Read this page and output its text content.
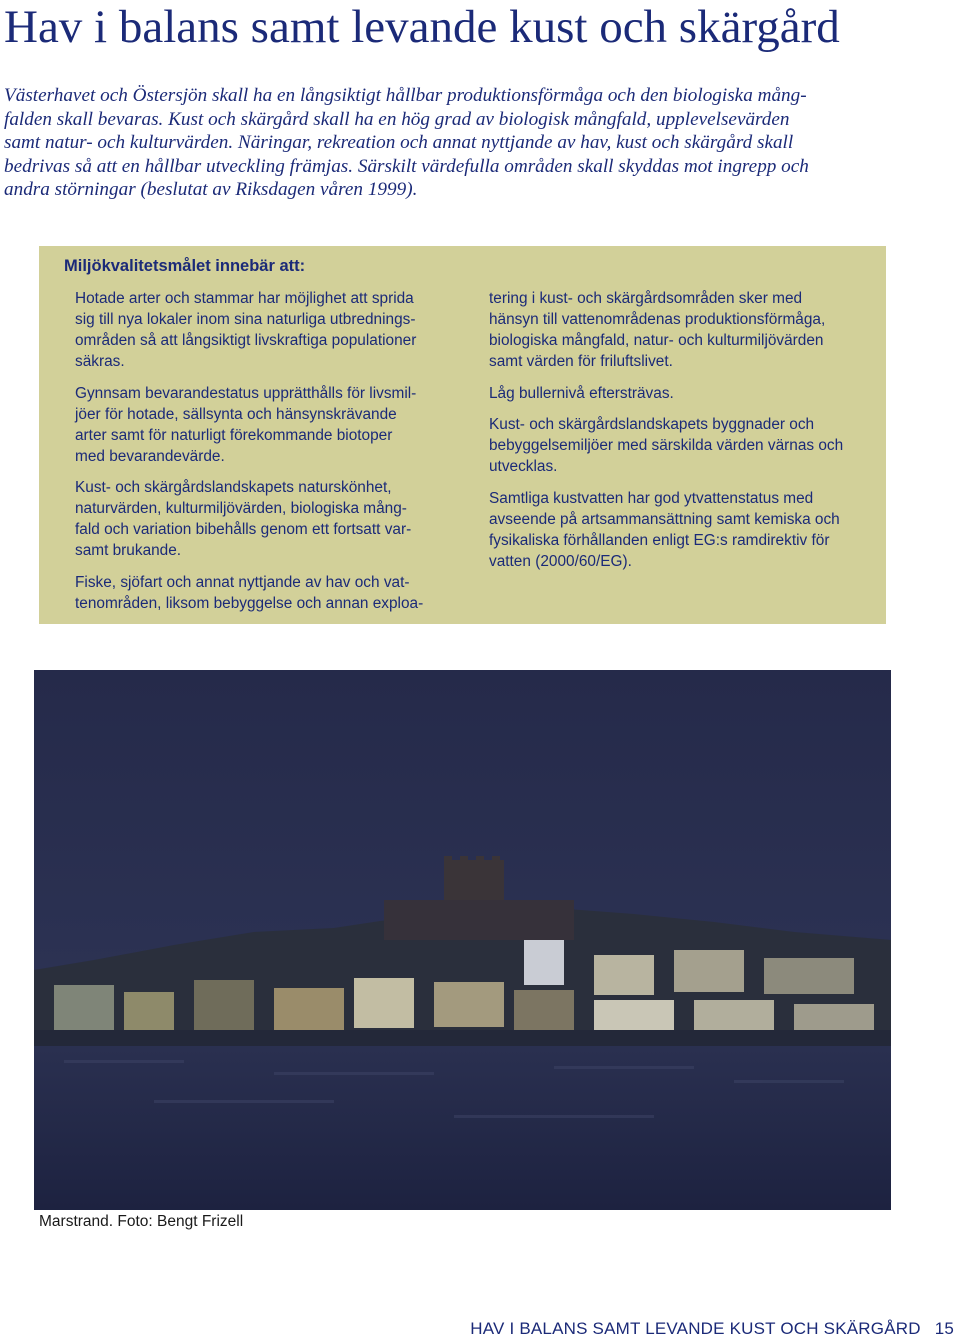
Hav i balans samt levande kust och skärgård

Västerhavet och Östersjön skall ha en långsiktigt hållbar produktionsförmåga och den biologiska mång-
falden skall bevaras. Kust och skärgård skall ha en hög grad av biologisk mångfald, upplevelsevärden
samt natur- och kulturvärden. Näringar, rekreation och annat nyttjande av hav, kust och skärgård skall
bedrivas så att en hållbar utveckling främjas. Särskilt värdefulla områden skall skyddas mot ingrepp och
andra störningar (beslutat av Riksdagen våren 1999).

Miljökvalitetsmålet innebär att:

Hotade arter och stammar har möjlighet att sprida
sig till nya lokaler inom sina naturliga utbrednings-
områden så att långsiktigt livskraftiga populationer
säkras.

Gynnsam bevarandestatus upprätthålls för livsmil-
jöer för hotade, sällsynta och hänsynskrävande
arter samt för naturligt förekommande biotoper
med bevarandevärde.

Kust- och skärgårdslandskapets naturskönhet,
naturvärden, kulturmiljövärden, biologiska mång-
fald och variation bibehålls genom ett fortsatt var-
samt brukande.

Fiske, sjöfart och annat nyttjande av hav och vat-
tenområden, liksom bebyggelse och annan exploa-

tering i kust- och skärgårdsområden sker med
hänsyn till vattenområdenas produktionsförmåga,
biologiska mångfald, natur- och kulturmiljövärden
samt värden för friluftslivet.

Låg bullernivå eftersträvas.

Kust- och skärgårdslandskapets byggnader och
bebyggelsemiljöer med särskilda värden värnas och
utvecklas.

Samtliga kustvatten har god ytvattenstatus med
avseende på artsammansättning samt kemiska och
fysikaliska förhållanden enligt EG:s ramdirektiv för
vatten (2000/60/EG).

Marstrand. Foto: Bengt Frizell

HAV I BALANS SAMT LEVANDE KUST OCH SKÄRGÅRD 15
